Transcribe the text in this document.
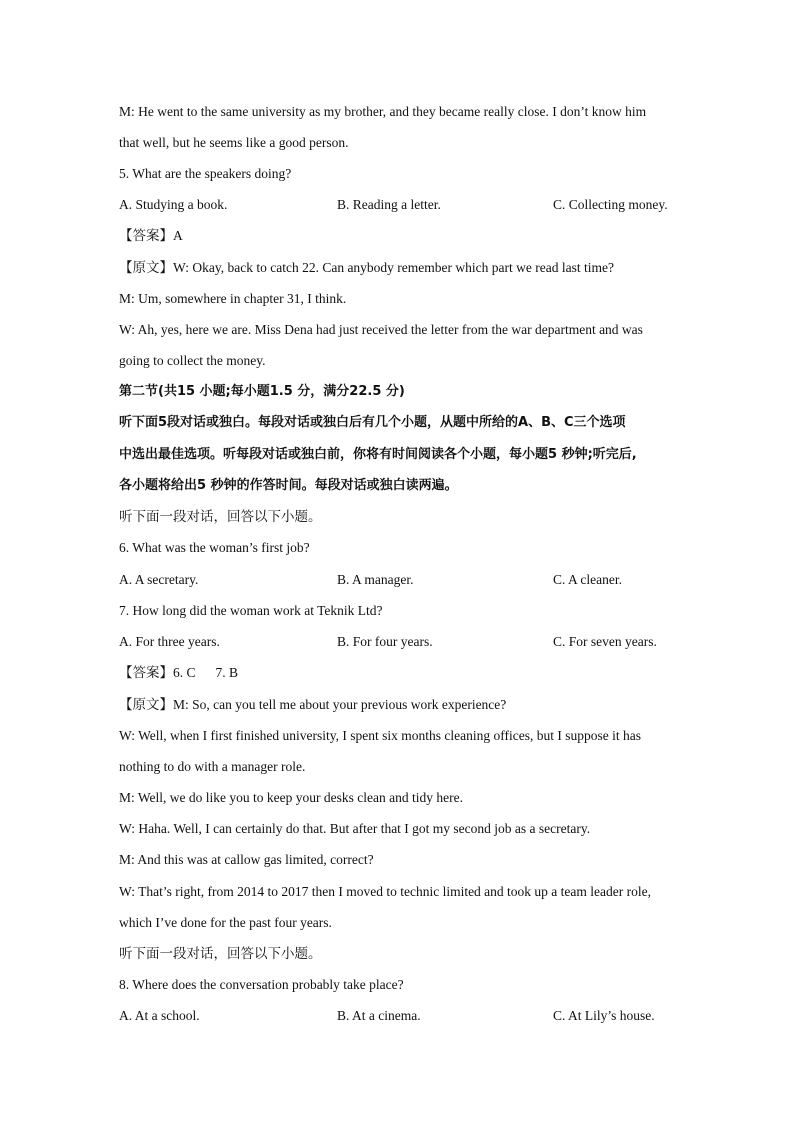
M: He went to the same university as my brother, and they became really close. I don’t know him
that well, but he seems like a good person.
5. What are the speakers doing?
A. Studying a book.	B. Reading a letter.	C. Collecting money.
【答案】A
【原文】W: Okay, back to catch 22. Can anybody remember which part we read last time?
M: Um, somewhere in chapter 31, I think.
W: Ah, yes, here we are. Miss Dena had just received the letter from the war department and was
going to collect the money.
第二节(共15 小题;每小题1.5 分，满分22.5 分)
听下面5段对话或独白。每段对话或独白后有几个小题，从题中所给的A、B、C三个选项
中选出最佳选项。听每段对话或独白前，你将有时间阅读各个小题，每小题5 秒钟;听完后,
各小题将给出5 秒钟的作答时间。每段对话或独白读两遍。
听下面一段对话，回答以下小题。
6. What was the woman’s first job?
A. A secretary.	B. A manager.	C. A cleaner.
7. How long did the woman work at Teknik Ltd?
A. For three years.	B. For four years.	C. For seven years.
【答案】6. C 7. B
【原文】M: So, can you tell me about your previous work experience?
W: Well, when I first finished university, I spent six months cleaning offices, but I suppose it has
nothing to do with a manager role.
M: Well, we do like you to keep your desks clean and tidy here.
W: Haha. Well, I can certainly do that. But after that I got my second job as a secretary.
M: And this was at callow gas limited, correct?
W: That’s right, from 2014 to 2017 then I moved to technic limited and took up a team leader role,
which I’ve done for the past four years.
听下面一段对话，回答以下小题。
8. Where does the conversation probably take place?
A. At a school.	B. At a cinema.	C. At Lily’s house.
